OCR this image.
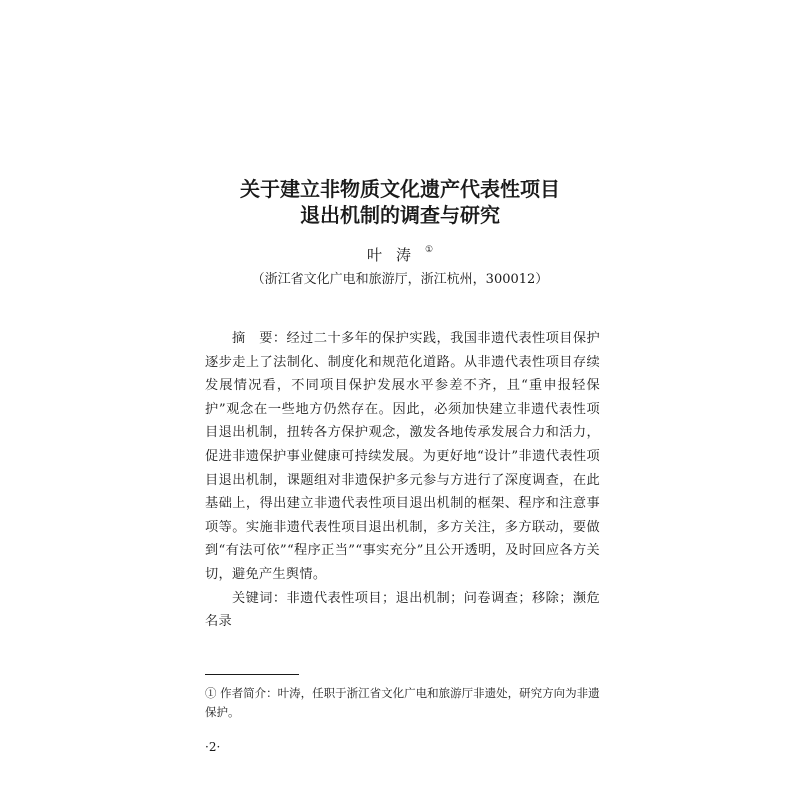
关于建立非物质文化遗产代表性项目
退出机制的调查与研究
叶涛①
（浙江省文化广电和旅游厅，浙江杭州，300012）

摘　要：经过二十多年的保护实践，我国非遗代表性项目保护逐步走上了法制化、制度化和规范化道路。从非遗代表性项目存续发展情况看，不同项目保护发展水平参差不齐，且“重申报轻保护”观念在一些地方仍然存在。因此，必须加快建立非遗代表性项目退出机制，扭转各方保护观念，激发各地传承发展合力和活力，促进非遗保护事业健康可持续发展。为更好地“设计”非遗代表性项目退出机制，课题组对非遗保护多元参与方进行了深度调查，在此基础上，得出建立非遗代表性项目退出机制的框架、程序和注意事项等。实施非遗代表性项目退出机制，多方关注，多方联动，要做到“有法可依”“程序正当”“事实充分”且公开透明，及时回应各方关切，避免产生舆情。

关键词：非遗代表性项目；退出机制；问卷调查；移除；濒危名录

① 作者简介：叶涛，任职于浙江省文化广电和旅游厅非遗处，研究方向为非遗保护。
·2·
